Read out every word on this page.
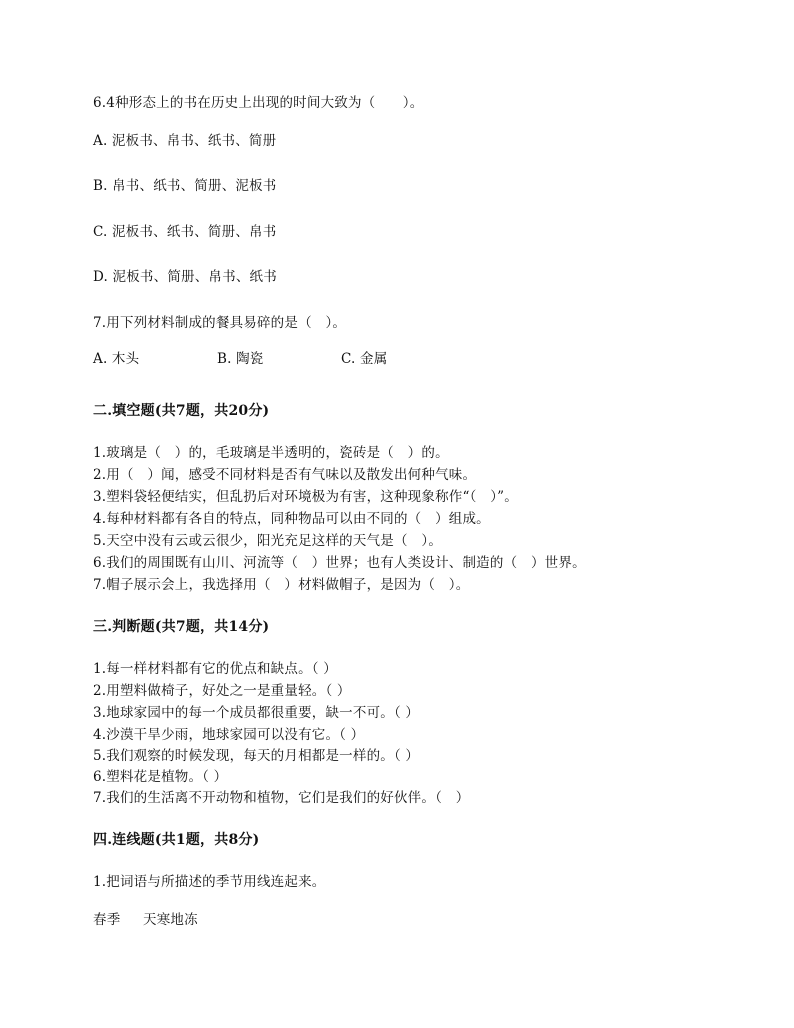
6.4种形态上的书在历史上出现的时间大致为（　　）。
A. 泥板书、帛书、纸书、简册
B. 帛书、纸书、简册、泥板书
C. 泥板书、纸书、简册、帛书
D. 泥板书、简册、帛书、纸书
7.用下列材料制成的餐具易碎的是（　）。
A. 木头	B. 陶瓷	C. 金属
二.填空题(共7题，共20分)
1.玻璃是（　）的，毛玻璃是半透明的，瓷砖是（　）的。
2.用（　）闻，感受不同材料是否有气味以及散发出何种气味。
3.塑料袋轻便结实，但乱扔后对环境极为有害，这种现象称作“（　）”。
4.每种材料都有各自的特点，同种物品可以由不同的（　）组成。
5.天空中没有云或云很少，阳光充足这样的天气是（　）。
6.我们的周围既有山川、河流等（　）世界；也有人类设计、制造的（　）世界。
7.帽子展示会上，我选择用（　）材料做帽子，是因为（　）。
三.判断题(共7题，共14分)
1.每一样材料都有它的优点和缺点。（ ）
2.用塑料做椅子，好处之一是重量轻。（ ）
3.地球家园中的每一个成员都很重要，缺一不可。（ ）
4.沙漠干旱少雨，地球家园可以没有它。（ ）
5.我们观察的时候发现，每天的月相都是一样的。（ ）
6.塑料花是植物。（ ）
7.我们的生活离不开动物和植物，它们是我们的好伙伴。（　）
四.连线题(共1题，共8分)
1.把词语与所描述的季节用线连起来。
春季 天寒地冻
